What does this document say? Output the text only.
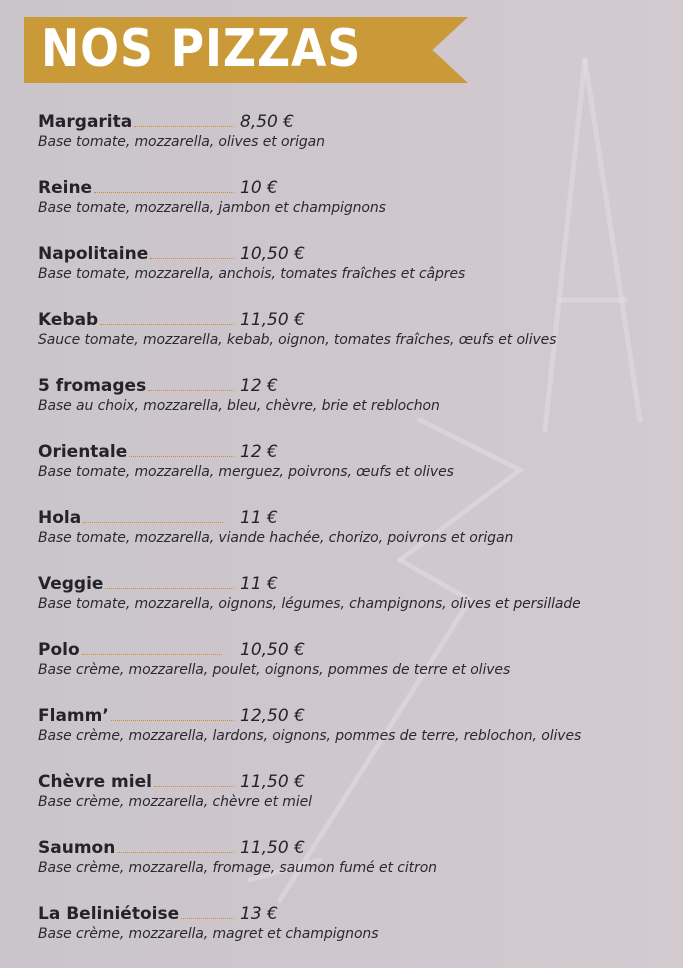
NOS PIZZAS
Margarita	8,50 €
Base tomate, mozzarella, olives et origan
Reine	10 €
Base tomate, mozzarella, jambon et champignons
Napolitaine	10,50 €
Base tomate, mozzarella, anchois, tomates fraîches et câpres
Kebab	11,50 €
Sauce tomate, mozzarella, kebab, oignon, tomates fraîches, œufs et olives
5 fromages	12 €
Base au choix, mozzarella, bleu, chèvre, brie et reblochon
Orientale	12 €
Base tomate, mozzarella, merguez, poivrons, œufs et olives
Hola	11 €
Base tomate, mozzarella, viande hachée, chorizo, poivrons et origan
Veggie	11 €
Base tomate, mozzarella, oignons, légumes, champignons, olives et persillade
Polo	10,50 €
Base crème, mozzarella, poulet, oignons, pommes de terre et olives
Flamm’	12,50 €
Base crème, mozzarella, lardons, oignons, pommes de terre, reblochon, olives
Chèvre miel	11,50 €
Base crème, mozzarella, chèvre et miel
Saumon	11,50 €
Base crème, mozzarella, fromage, saumon fumé et citron
La Beliniétoise	13 €
Base crème, mozzarella, magret et champignons
